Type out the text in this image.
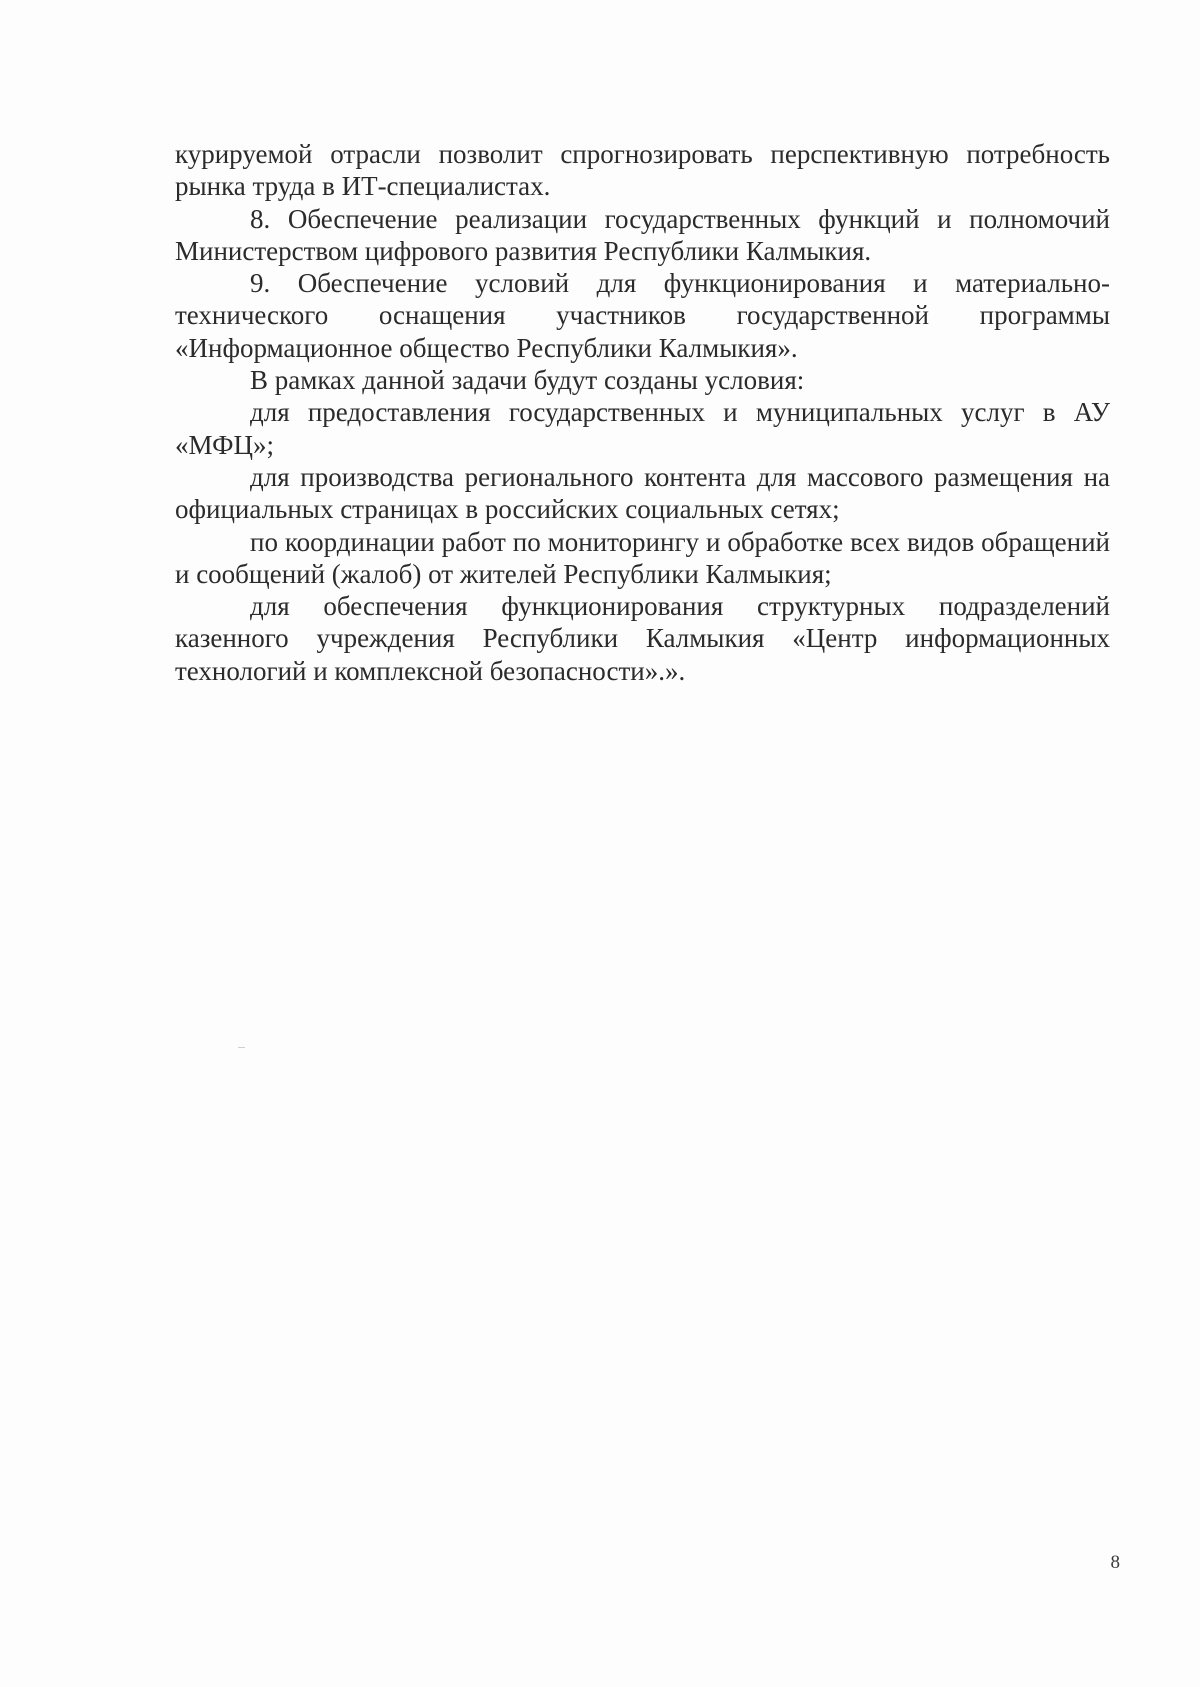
курируемой отрасли позволит спрогнозировать перспективную потребность рынка труда в ИТ-специалистах.

8. Обеспечение реализации государственных функций и полномочий Министерством цифрового развития Республики Калмыкия.

9. Обеспечение условий для функционирования и материально-технического оснащения участников государственной программы «Информационное общество Республики Калмыкия».

В рамках данной задачи будут созданы условия:

для предоставления государственных и муниципальных услуг в АУ «МФЦ»;

для производства регионального контента для массового размещения на официальных страницах в российских социальных сетях;

по координации работ по мониторингу и обработке всех видов обращений и сообщений (жалоб) от жителей Республики Калмыкия;

для обеспечения функционирования структурных подразделений казенного учреждения Республики Калмыкия «Центр информационных технологий и комплексной безопасности».».

8
